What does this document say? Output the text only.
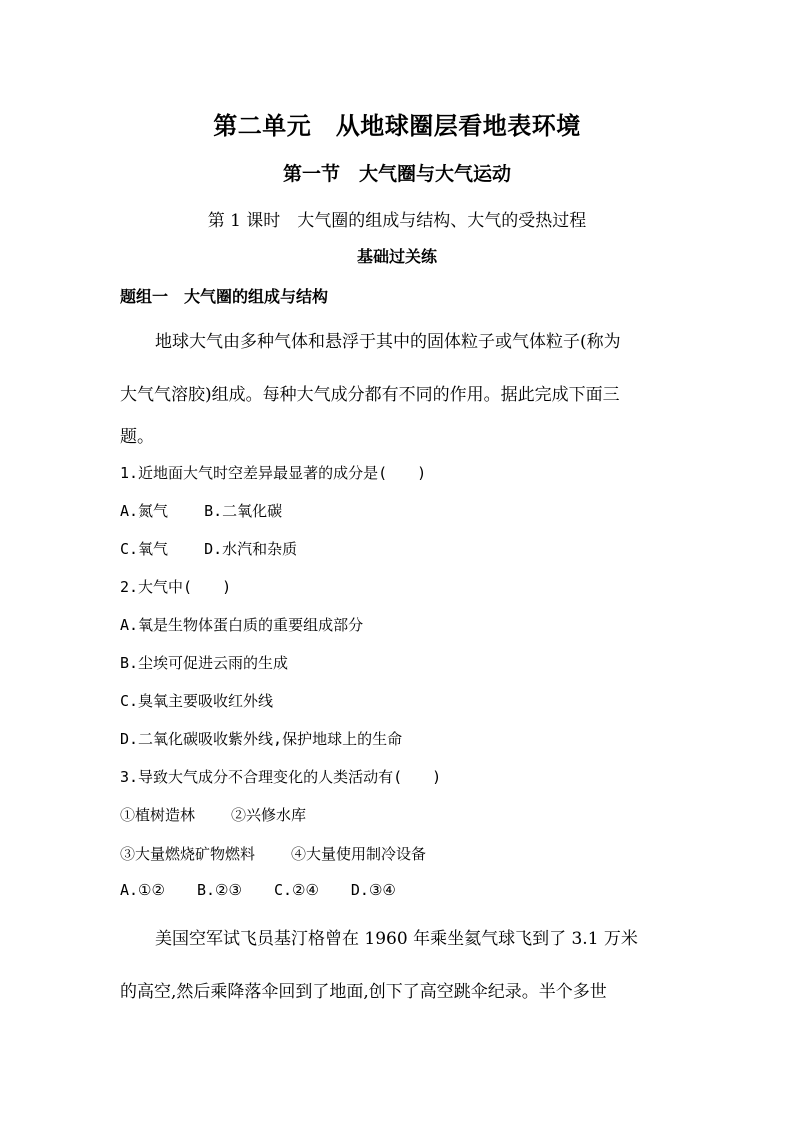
第二单元　从地球圈层看地表环境
第一节　大气圈与大气运动
第 1 课时　大气圈的组成与结构、大气的受热过程
基础过关练
题组一　大气圈的组成与结构
地球大气由多种气体和悬浮于其中的固体粒子或气体粒子(称为
大气气溶胶)组成。每种大气成分都有不同的作用。据此完成下面三
题。
1.近地面大气时空差异最显著的成分是(　　)
A.氮气 B.二氧化碳
C.氧气 D.水汽和杂质
2.大气中(　　)
A.氧是生物体蛋白质的重要组成部分
B.尘埃可促进云雨的生成
C.臭氧主要吸收红外线
D.二氧化碳吸收紫外线,保护地球上的生命
3.导致大气成分不合理变化的人类活动有(　　)
①植树造林 ②兴修水库
③大量燃烧矿物燃料 ④大量使用制冷设备
A.①② B.②③ C.②④ D.③④
美国空军试飞员基汀格曾在 1960 年乘坐氦气球飞到了 3.1 万米
的高空,然后乘降落伞回到了地面,创下了高空跳伞纪录。半个多世
